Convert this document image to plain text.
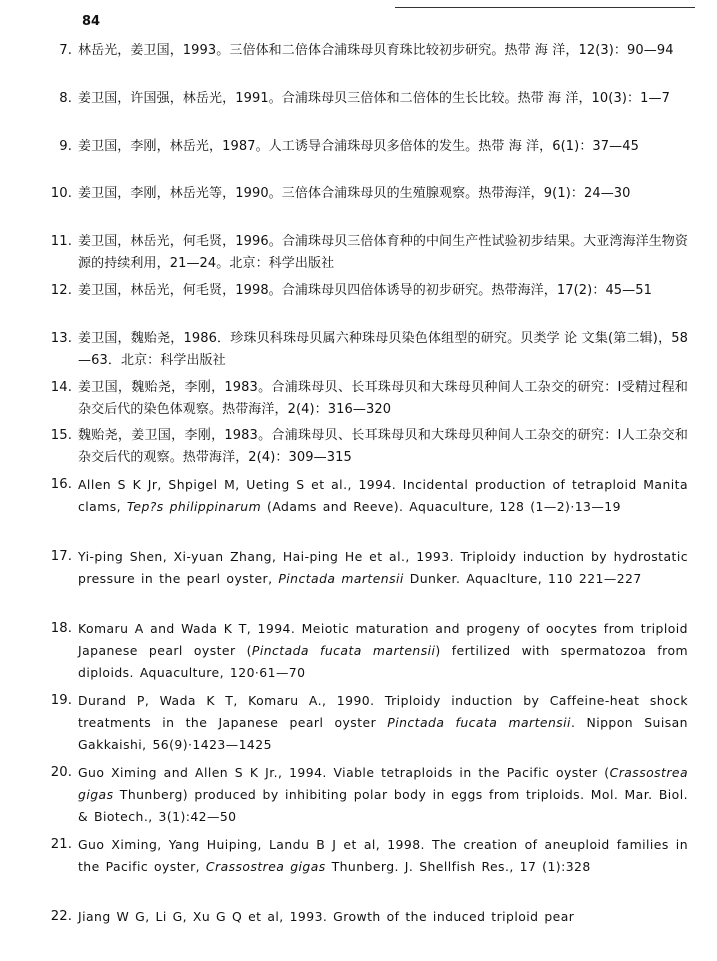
84
7. 林岳光，姜卫国，1993。三倍体和二倍体合浦珠母贝育珠比较初步研究。热带 海 洋，12(3)：90—94
8. 姜卫国，许国强，林岳光，1991。合浦珠母贝三倍体和二倍体的生长比较。热带 海 洋，10(3)：1—7
9. 姜卫国，李刚，林岳光，1987。人工诱导合浦珠母贝多倍体的发生。热带 海 洋，6(1)：37—45
10. 姜卫国，李刚，林岳光等，1990。三倍体合浦珠母贝的生殖腺观察。热带海洋，9(1)：24—30
11. 姜卫国，林岳光，何毛贤，1996。合浦珠母贝三倍体育种的中间生产性试验初步结果。大亚湾海洋生物资源的持续利用，21—24。北京：科学出版社
12. 姜卫国，林岳光，何毛贤，1998。合浦珠母贝四倍体诱导的初步研究。热带海洋，17(2)：45—51
13. 姜卫国，魏贻尧，1986．珍珠贝科珠母贝属六种珠母贝染色体组型的研究。贝类学 论 文集(第二辑)，58—63．北京：科学出版社
14. 姜卫国，魏贻尧，李刚，1983。合浦珠母贝、长耳珠母贝和大珠母贝种间人工杂交的研究：Ⅰ受精过程和杂交后代的染色体观察。热带海洋，2(4)：316—320
15. 魏贻尧，姜卫国，李刚，1983。合浦珠母贝、长耳珠母贝和大珠母贝种间人工杂交的研究：Ⅰ人工杂交和杂交后代的观察。热带海洋，2(4)：309—315
16. Allen S K Jr, Shpigel M, Ueting S et al., 1994. Incidental production of tetraploid Manita clams, Tep?s philippinarum (Adams and Reeve). Aquaculture, 128 (1—2)·13—19
17. Yi-ping Shen, Xi-yuan Zhang, Hai-ping He et al., 1993. Triploidy induction by hydrostatic pressure in the pearl oyster, Pinctada martensii Dunker. Aquaclture, 110 221—227
18. Komaru A and Wada K T, 1994. Meiotic maturation and progeny of oocytes from triploid Japanese pearl oyster (Pinctada fucata martensii) fertilized with spermatozoa from diploids. Aquaculture, 120·61—70
19. Durand P, Wada K T, Komaru A., 1990. Triploidy induction by Caffeine-heat shock treatments in the Japanese pearl oyster Pinctada fucata martensii. Nippon Suisan Gakkaishi, 56(9)·1423—1425
20. Guo Ximing and Allen S K Jr., 1994. Viable tetraploids in the Pacific oyster (Crassostrea gigas Thunberg) produced by inhibiting polar body in eggs from triploids. Mol. Mar. Biol. & Biotech., 3(1):42—50
21. Guo Ximing, Yang Huiping, Landu B J et al, 1998. The creation of aneuploid families in the Pacific oyster, Crassostrea gigas Thunberg. J. Shellfish Res., 17 (1):328
22. Jiang W G, Li G, Xu G Q et al, 1993. Growth of the induced triploid pear
